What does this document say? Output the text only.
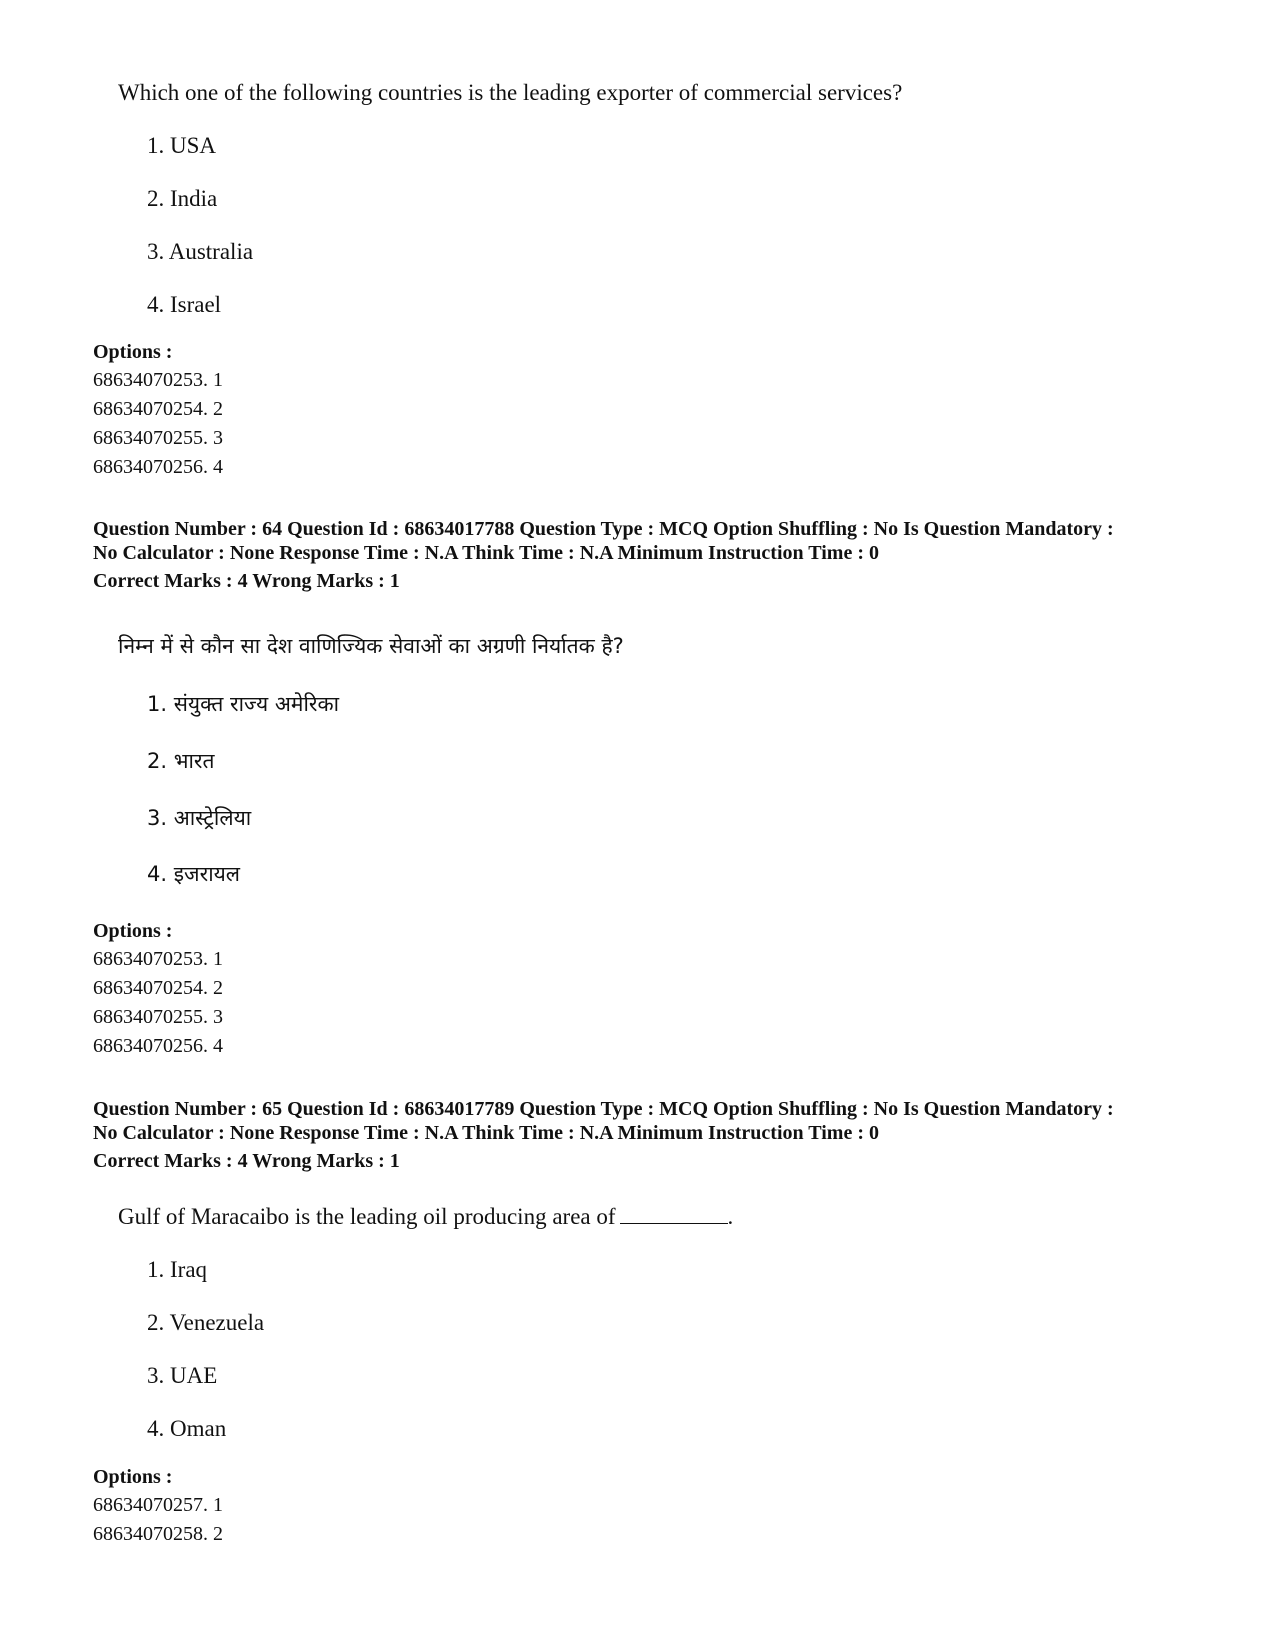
Which one of the following countries is the leading exporter of commercial services?
1. USA
2. India
3. Australia
4. Israel
Options :
68634070253. 1
68634070254. 2
68634070255. 3
68634070256. 4
Question Number : 64 Question Id : 68634017788 Question Type : MCQ Option Shuffling : No Is Question Mandatory :
No Calculator : None Response Time : N.A Think Time : N.A Minimum Instruction Time : 0
Correct Marks : 4 Wrong Marks : 1
निम्न में से कौन सा देश वाणिज्यिक सेवाओं का अग्रणी निर्यातक है?
1. संयुक्त राज्य अमेरिका
2. भारत
3. आस्ट्रेलिया
4. इजरायल
Options :
68634070253. 1
68634070254. 2
68634070255. 3
68634070256. 4
Question Number : 65 Question Id : 68634017789 Question Type : MCQ Option Shuffling : No Is Question Mandatory :
No Calculator : None Response Time : N.A Think Time : N.A Minimum Instruction Time : 0
Correct Marks : 4 Wrong Marks : 1
Gulf of Maracaibo is the leading oil producing area of	.
1. Iraq
2. Venezuela
3. UAE
4. Oman
Options :
68634070257. 1
68634070258. 2
